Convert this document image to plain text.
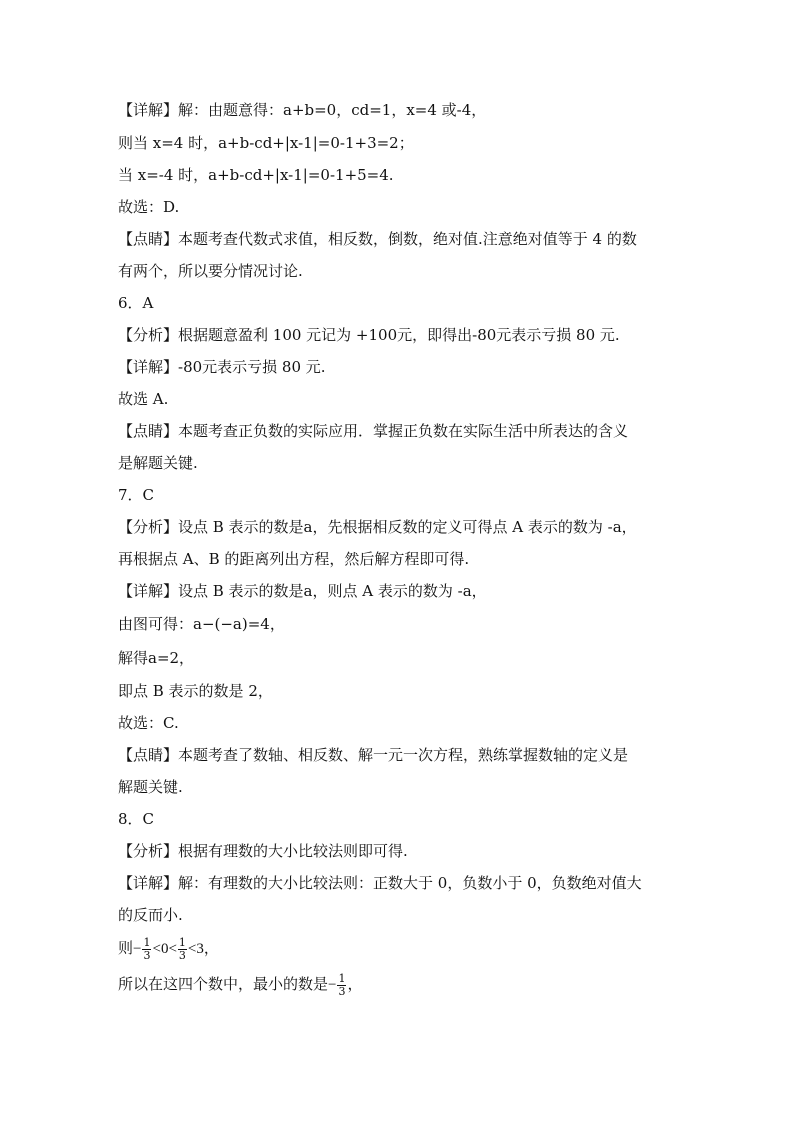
【详解】解：由题意得：a+b=0，cd=1，x=4 或-4，
则当 x=4 时，a+b-cd+|x-1|=0-1+3=2；
当 x=-4 时，a+b-cd+|x-1|=0-1+5=4.
故选：D.
【点睛】本题考查代数式求值，相反数，倒数，绝对值.注意绝对值等于 4 的数
有两个，所以要分情况讨论.
6．A
【分析】根据题意盈利 100 元记为 +100元，即得出-80元表示亏损 80 元.
【详解】-80元表示亏损 80 元.
故选 A.
【点睛】本题考查正负数的实际应用．掌握正负数在实际生活中所表达的含义
是解题关键.
7．C
【分析】设点 B 表示的数是a，先根据相反数的定义可得点 A 表示的数为 -a，
再根据点 A、B 的距离列出方程，然后解方程即可得.
【详解】设点 B 表示的数是a，则点 A 表示的数为 -a，
由图可得：a−(−a)=4，
解得a=2，
即点 B 表示的数是 2，
故选：C.
【点睛】本题考查了数轴、相反数、解一元一次方程，熟练掌握数轴的定义是
解题关键.
8．C
【分析】根据有理数的大小比较法则即可得.
【详解】解：有理数的大小比较法则：正数大于 0，负数小于 0，负数绝对值大
的反而小.
则− $\frac{1}{3} <0< \frac{1}{3} <3$，
所以在这四个数中，最小的数是− $\frac{1}{3}$ ，
